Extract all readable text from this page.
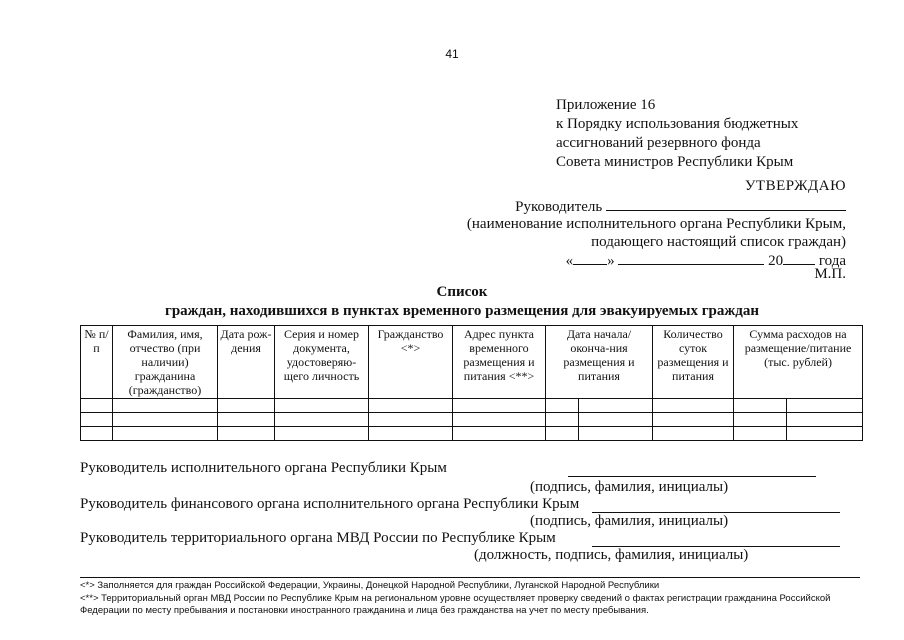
41
Приложение 16
к Порядку использования бюджетных
ассигнований резервного фонда
Совета министров Республики Крым
УТВЕРЖДАЮ
Руководитель
(наименование исполнительного органа Республики Крым,
подающего настоящий список граждан)
« »	20 года
М.П.
Список
граждан, находившихся в пунктах временного размещения для эвакуируемых граждан
№ п/п	Фамилия, имя, отчество (при наличии) гражданина (гражданство)	Дата рож-дения	Серия и номер документа, удостоверяю-щего личность	Гражданство <*>	Адрес пункта временного размещения и питания <**>	Дата начала/оконча-ния размещения и питания		Количество суток размещения и питания	Сумма расходов на размещение/питание (тыс. рублей)	

Руководитель исполнительного органа Республики Крым
(подпись, фамилия, инициалы)
Руководитель финансового органа исполнительного органа Республики Крым
(подпись, фамилия, инициалы)
Руководитель территориального органа МВД России по Республике Крым
(должность, подпись, фамилия, инициалы)
<*> Заполняется для граждан Российской Федерации, Украины, Донецкой Народной Республики, Луганской Народной Республики
<**> Территориальный орган МВД России по Республике Крым на региональном уровне осуществляет проверку сведений о фактах регистрации гражданина Российской Федерации по месту пребывания и постановки иностранного гражданина и лица без гражданства на учет по месту пребывания.
